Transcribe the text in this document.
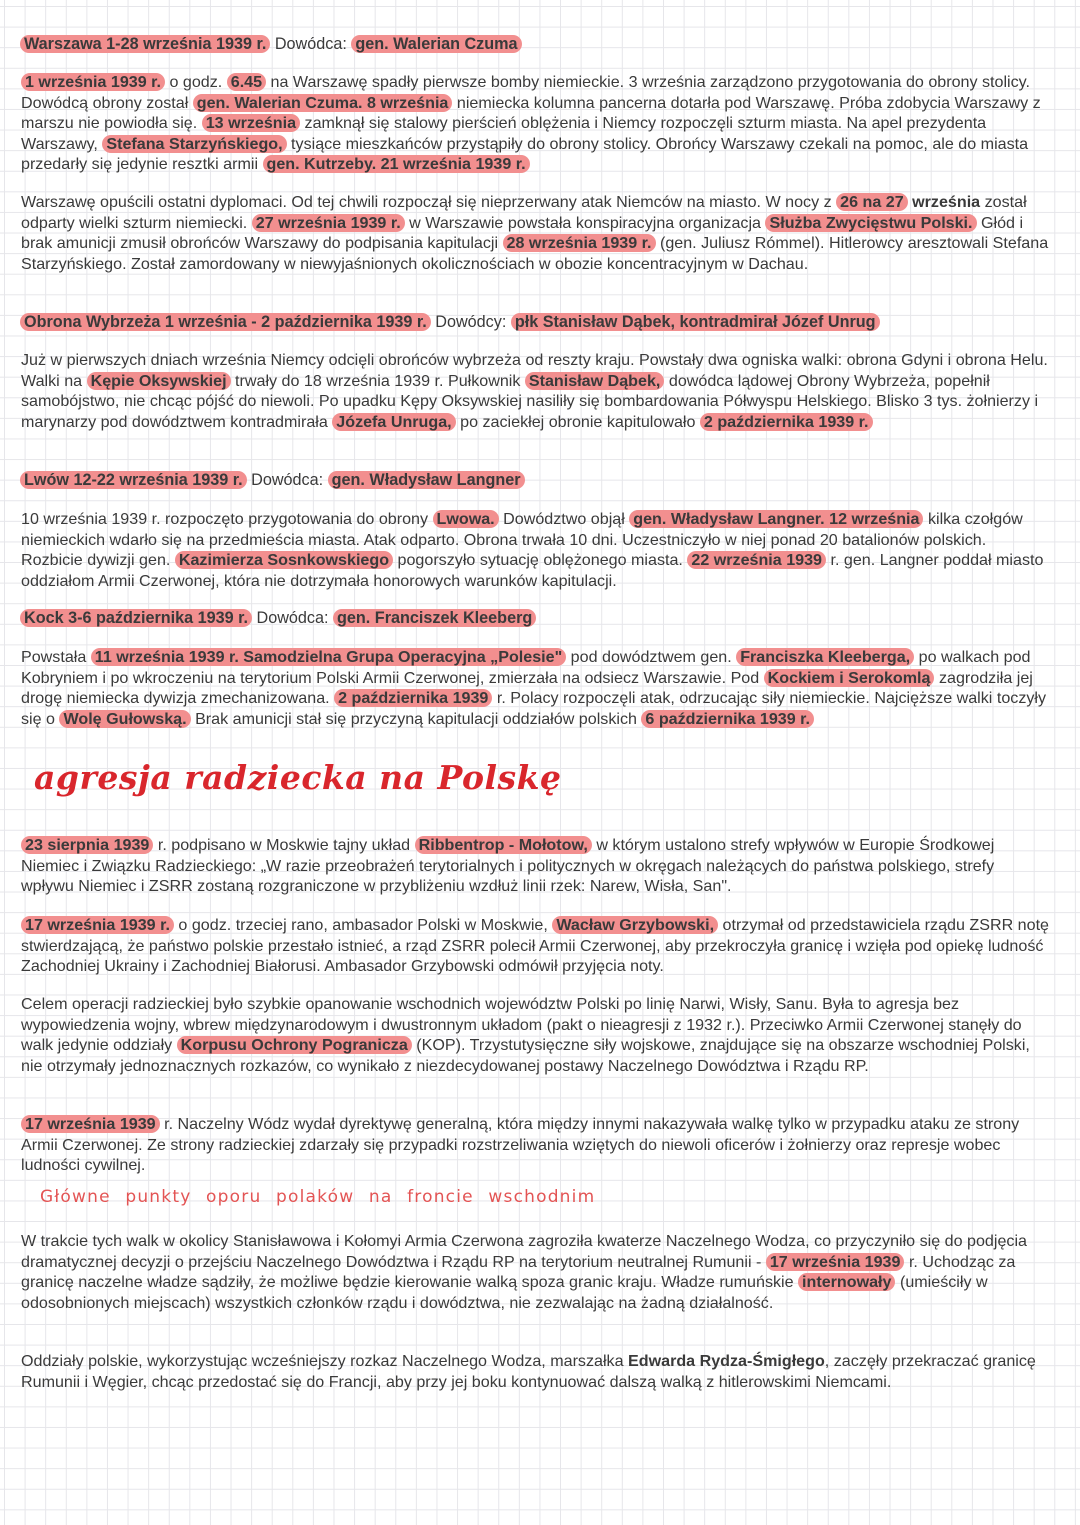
Warszawa 1-28 września 1939 r. Dowódca: gen. Walerian Czuma

1 września 1939 r. o godz. 6.45 na Warszawę spadły pierwsze bomby niemieckie. 3 września zarządzono przygotowania do obrony stolicy. Dowódcą obrony został gen. Walerian Czuma. 8 września niemiecka kolumna pancerna dotarła pod Warszawę. Próba zdobycia Warszawy z marszu nie powiodła się. 13 września zamknął się stalowy pierścień oblężenia i Niemcy rozpoczęli szturm miasta. Na apel prezydenta Warszawy, Stefana Starzyńskiego, tysiące mieszkańców przystąpiły do obrony stolicy. Obrońcy Warszawy czekali na pomoc, ale do miasta przedarły się jedynie resztki armii gen. Kutrzeby. 21 września 1939 r.

Warszawę opuścili ostatni dyplomaci. Od tej chwili rozpoczął się nieprzerwany atak Niemców na miasto. W nocy z 26 na 27 września został odparty wielki szturm niemiecki. 27 września 1939 r. w Warszawie powstała konspiracyjna organizacja Służba Zwycięstwu Polski. Głód i brak amunicji zmusił obrońców Warszawy do podpisania kapitulacji 28 września 1939 r. (gen. Juliusz Rómmel). Hitlerowcy aresztowali Stefana Starzyńskiego. Został zamordowany w niewyjaśnionych okolicznościach w obozie koncentracyjnym w Dachau.

Obrona Wybrzeża 1 września - 2 października 1939 r. Dowódcy: płk Stanisław Dąbek, kontradmirał Józef Unrug

Już w pierwszych dniach września Niemcy odcięli obrońców wybrzeża od reszty kraju. Powstały dwa ogniska walki: obrona Gdyni i obrona Helu. Walki na Kępie Oksywskiej trwały do 18 września 1939 r. Pułkownik Stanisław Dąbek, dowódca lądowej Obrony Wybrzeża, popełnił samobójstwo, nie chcąc pójść do niewoli. Po upadku Kępy Oksywskiej nasiliły się bombardowania Półwyspu Helskiego. Blisko 3 tys. żołnierzy i marynarzy pod dowództwem kontradmirała Józefa Unruga, po zaciekłej obronie kapitulowało 2 października 1939 r.

Lwów 12-22 września 1939 r. Dowódca: gen. Władysław Langner

10 września 1939 r. rozpoczęto przygotowania do obrony Lwowa. Dowództwo objął gen. Władysław Langner. 12 września kilka czołgów niemieckich wdarło się na przedmieścia miasta. Atak odparto. Obrona trwała 10 dni. Uczestniczyło w niej ponad 20 batalionów polskich. Rozbicie dywizji gen. Kazimierza Sosnkowskiego pogorszyło sytuację oblężonego miasta. 22 września 1939 r. gen. Langner poddał miasto oddziałom Armii Czerwonej, która nie dotrzymała honorowych warunków kapitulacji.

Kock 3-6 października 1939 r. Dowódca: gen. Franciszek Kleeberg

Powstała 11 września 1939 r. Samodzielna Grupa Operacyjna „Polesie" pod dowództwem gen. Franciszka Kleeberga, po walkach pod Kobryniem i po wkroczeniu na terytorium Polski Armii Czerwonej, zmierzała na odsiecz Warszawie. Pod Kockiem i Serokomlą zagrodziła jej drogę niemiecka dywizja zmechanizowana. 2 października 1939 r. Polacy rozpoczęli atak, odrzucając siły niemieckie. Najcięższe walki toczyły się o Wolę Gułowską. Brak amunicji stał się przyczyną kapitulacji oddziałów polskich 6 października 1939 r.

agresja radziecka na Polskę

23 sierpnia 1939 r. podpisano w Moskwie tajny układ Ribbentrop - Mołotow, w którym ustalono strefy wpływów w Europie Środkowej Niemiec i Związku Radzieckiego: „W razie przeobrażeń terytorialnych i politycznych w okręgach należących do państwa polskiego, strefy wpływu Niemiec i ZSRR zostaną rozgraniczone w przybliżeniu wzdłuż linii rzek: Narew, Wisła, San".

17 września 1939 r. o godz. trzeciej rano, ambasador Polski w Moskwie, Wacław Grzybowski, otrzymał od przedstawiciela rządu ZSRR notę stwierdzającą, że państwo polskie przestało istnieć, a rząd ZSRR polecił Armii Czerwonej, aby przekroczyła granicę i wzięła pod opiekę ludność Zachodniej Ukrainy i Zachodniej Białorusi. Ambasador Grzybowski odmówił przyjęcia noty.

Celem operacji radzieckiej było szybkie opanowanie wschodnich województw Polski po linię Narwi, Wisły, Sanu. Była to agresja bez wypowiedzenia wojny, wbrew międzynarodowym i dwustronnym układom (pakt o nieagresji z 1932 r.). Przeciwko Armii Czerwonej stanęły do walk jedynie oddziały Korpusu Ochrony Pogranicza (KOP). Trzystutysięczne siły wojskowe, znajdujące się na obszarze wschodniej Polski, nie otrzymały jednoznacznych rozkazów, co wynikało z niezdecydowanej postawy Naczelnego Dowództwa i Rządu RP.

17 września 1939 r. Naczelny Wódz wydał dyrektywę generalną, która między innymi nakazywała walkę tylko w przypadku ataku ze strony Armii Czerwonej. Ze strony radzieckiej zdarzały się przypadki rozstrzeliwania wziętych do niewoli oficerów i żołnierzy oraz represje wobec ludności cywilnej.

Główne punkty oporu polaków na froncie wschodnim

W trakcie tych walk w okolicy Stanisławowa i Kołomyi Armia Czerwona zagroziła kwaterze Naczelnego Wodza, co przyczyniło się do podjęcia dramatycznej decyzji o przejściu Naczelnego Dowództwa i Rządu RP na terytorium neutralnej Rumunii - 17 września 1939 r. Uchodząc za granicę naczelne władze sądziły, że możliwe będzie kierowanie walką spoza granic kraju. Władze rumuńskie internowały (umieściły w odosobnionych miejscach) wszystkich członków rządu i dowództwa, nie zezwalając na żadną działalność.

Oddziały polskie, wykorzystując wcześniejszy rozkaz Naczelnego Wodza, marszałka Edwarda Rydza-Śmigłego, zaczęły przekraczać granicę Rumunii i Węgier, chcąc przedostać się do Francji, aby przy jej boku kontynuować dalszą walką z hitlerowskimi Niemcami.
